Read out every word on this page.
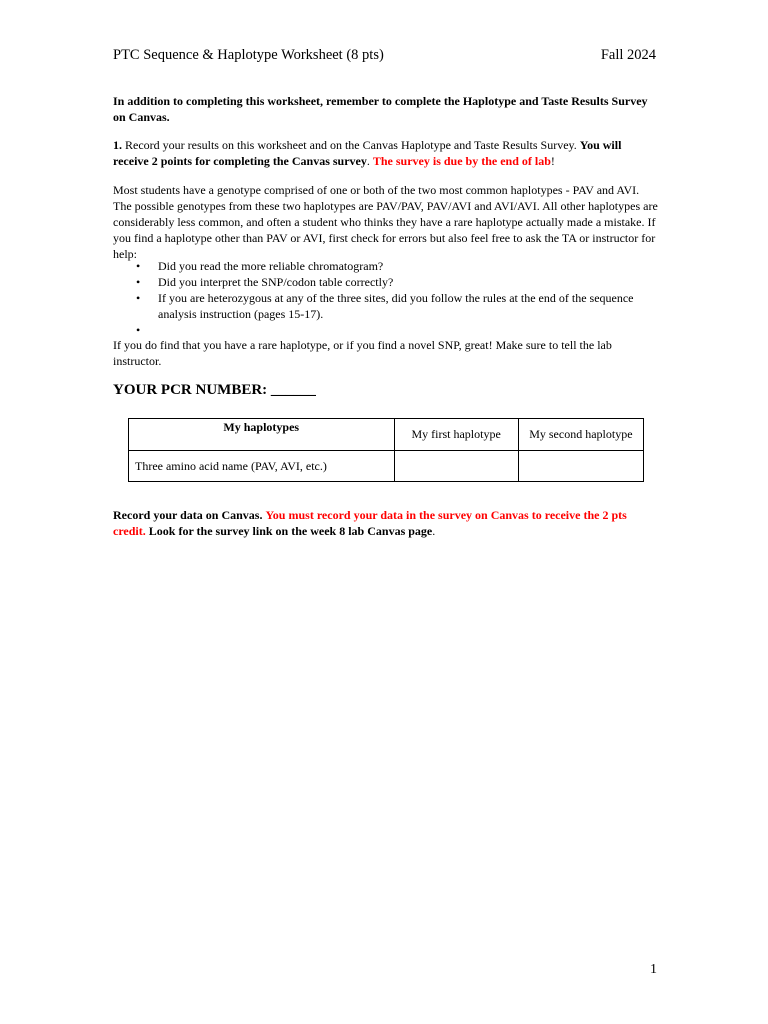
PTC Sequence & Haplotype Worksheet (8 pts)	Fall 2024

In addition to completing this worksheet, remember to complete the Haplotype and Taste Results Survey on Canvas.

1. Record your results on this worksheet and on the Canvas Haplotype and Taste Results Survey. You will receive 2 points for completing the Canvas survey. The survey is due by the end of lab!

Most students have a genotype comprised of one or both of the two most common haplotypes - PAV and AVI. The possible genotypes from these two haplotypes are PAV/PAV, PAV/AVI and AVI/AVI. All other haplotypes are considerably less common, and often a student who thinks they have a rare haplotype actually made a mistake. If you find a haplotype other than PAV or AVI, first check for errors but also feel free to ask the TA or instructor for help:

• Did you read the more reliable chromatogram?
• Did you interpret the SNP/codon table correctly?
• If you are heterozygous at any of the three sites, did you follow the rules at the end of the sequence analysis instruction (pages 15-17).
•

If you do find that you have a rare haplotype, or if you find a novel SNP, great! Make sure to tell the lab instructor.

YOUR PCR NUMBER: ______
My haplotypes	My first haplotype	My second haplotype
Three amino acid name (PAV, AVI, etc.)		

Record your data on Canvas. You must record your data in the survey on Canvas to receive the 2 pts credit. Look for the survey link on the week 8 lab Canvas page.

1
